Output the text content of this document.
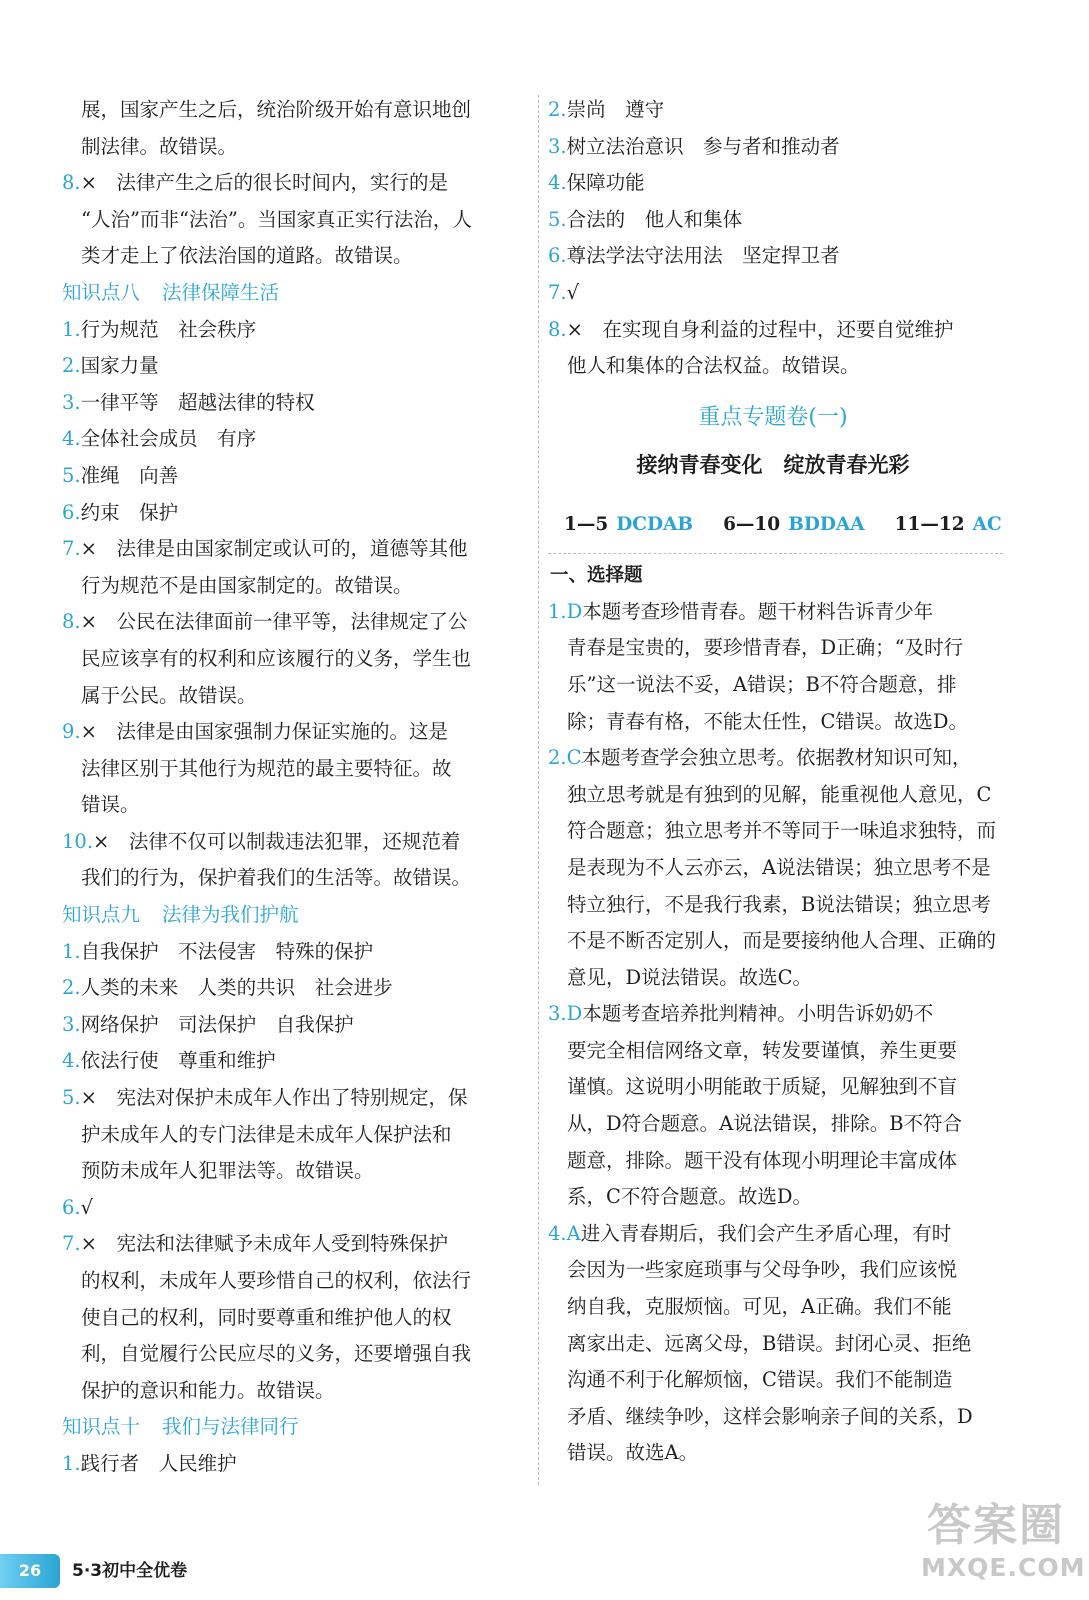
展，国家产生之后，统治阶级开始有意识地创
制法律。故错误。
8.×　法律产生之后的很长时间内，实行的是
“人治”而非“法治”。当国家真正实行法治，人
类才走上了依法治国的道路。故错误。
知识点八 法律保障生活
1.行为规范　社会秩序
2.国家力量
3.一律平等　超越法律的特权
4.全体社会成员　有序
5.准绳　向善
6.约束　保护
7.×　法律是由国家制定或认可的，道德等其他
行为规范不是由国家制定的。故错误。
8.×　公民在法律面前一律平等，法律规定了公
民应该享有的权利和应该履行的义务，学生也
属于公民。故错误。
9.×　法律是由国家强制力保证实施的。这是
法律区别于其他行为规范的最主要特征。故
错误。
10.×　法律不仅可以制裁违法犯罪，还规范着
我们的行为，保护着我们的生活等。故错误。
知识点九 法律为我们护航
1.自我保护　不法侵害　特殊的保护
2.人类的未来　人类的共识　社会进步
3.网络保护　司法保护　自我保护
4.依法行使　尊重和维护
5.×　宪法对保护未成年人作出了特别规定，保
护未成年人的专门法律是未成年人保护法和
预防未成年人犯罪法等。故错误。
6.√
7.×　宪法和法律赋予未成年人受到特殊保护
的权利，未成年人要珍惜自己的权利，依法行
使自己的权利，同时要尊重和维护他人的权
利，自觉履行公民应尽的义务，还要增强自我
保护的意识和能力。故错误。
知识点十 我们与法律同行
1.践行者　人民维护
2.崇尚　遵守
3.树立法治意识　参与者和推动者
4.保障功能
5.合法的　他人和集体
6.尊法学法守法用法　坚定捍卫者
7.√
8.×　在实现自身利益的过程中，还要自觉维护
他人和集体的合法权益。故错误。
重点专题卷(一)
接纳青春变化　绽放青春光彩
1—5 DCDAB 6—10 BDDAA 11—12 AC
一、选择题
1.D本题考查珍惜青春。题干材料告诉青少年
青春是宝贵的，要珍惜青春，D正确；“及时行
乐”这一说法不妥，A错误；B不符合题意，排
除；青春有格，不能太任性，C错误。故选D。
2.C本题考查学会独立思考。依据教材知识可知，
独立思考就是有独到的见解，能重视他人意见，C
符合题意；独立思考并不等同于一味追求独特，而
是表现为不人云亦云，A说法错误；独立思考不是
特立独行，不是我行我素，B说法错误；独立思考
不是不断否定别人，而是要接纳他人合理、正确的
意见，D说法错误。故选C。
3.D本题考查培养批判精神。小明告诉奶奶不
要完全相信网络文章，转发要谨慎，养生更要
谨慎。这说明小明能敢于质疑，见解独到不盲
从，D符合题意。A说法错误，排除。B不符合
题意，排除。题干没有体现小明理论丰富成体
系，C不符合题意。故选D。
4.A进入青春期后，我们会产生矛盾心理，有时
会因为一些家庭琐事与父母争吵，我们应该悦
纳自我，克服烦恼。可见，A正确。我们不能
离家出走、远离父母，B错误。封闭心灵、拒绝
沟通不利于化解烦恼，C错误。我们不能制造
矛盾、继续争吵，这样会影响亲子间的关系，D
错误。故选A。
26	5·3初中全优卷
答案圈
MXQE.COM
